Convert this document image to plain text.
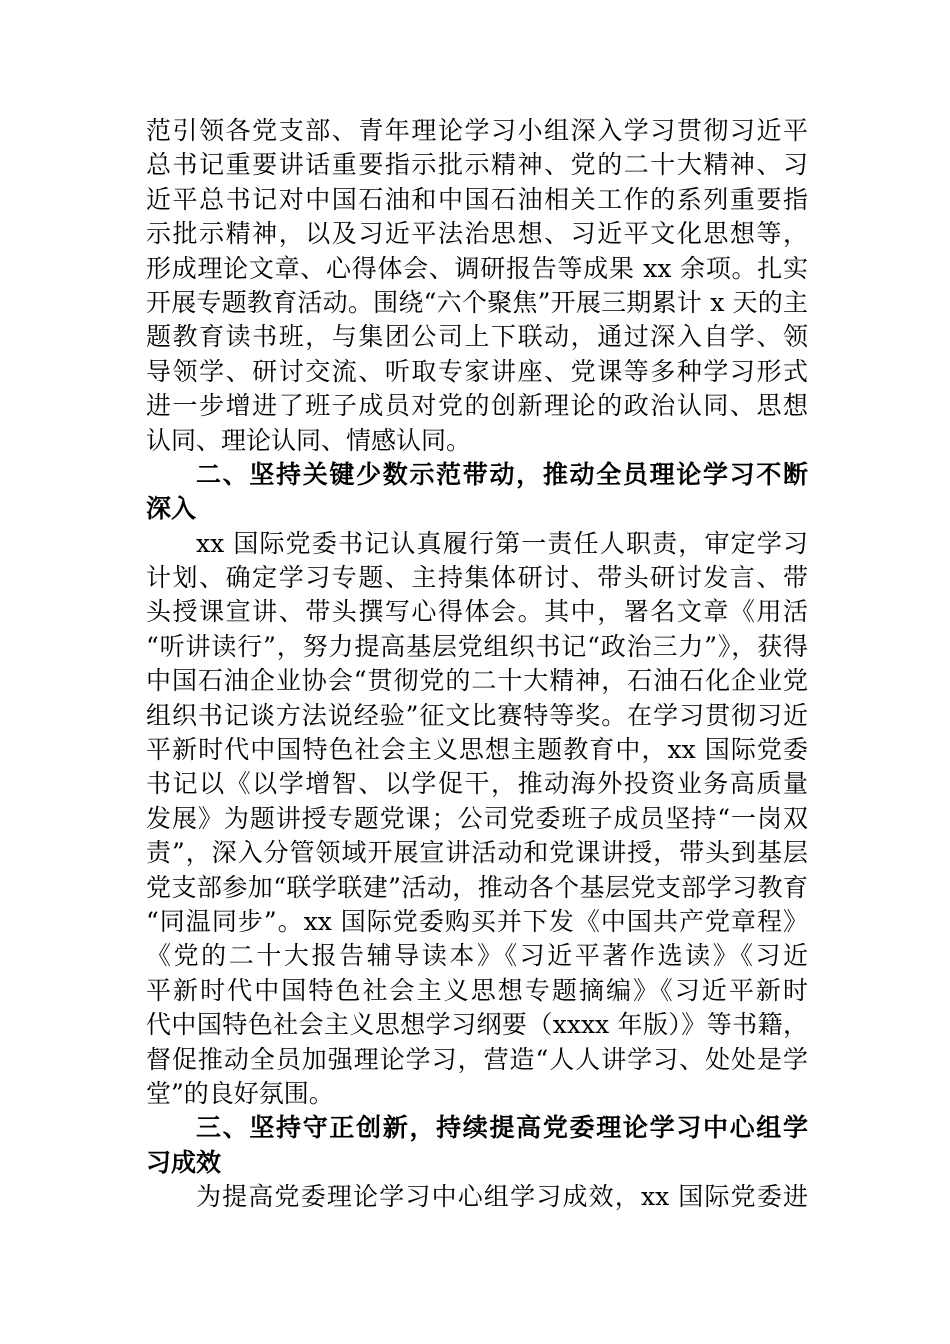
范引领各党支部、青年理论学习小组深入学习贯彻习近平
总书记重要讲话重要指示批示精神、党的二十大精神、习
近平总书记对中国石油和中国石油相关工作的系列重要指
示批示精神，以及习近平法治思想、习近平文化思想等，
形成理论文章、心得体会、调研报告等成果 xx 余项。扎实
开展专题教育活动。围绕“六个聚焦”开展三期累计 x 天的主
题教育读书班，与集团公司上下联动，通过深入自学、领
导领学、研讨交流、听取专家讲座、党课等多种学习形式
进一步增进了班子成员对党的创新理论的政治认同、思想
认同、理论认同、情感认同。
二、坚持关键少数示范带动，推动全员理论学习不断
深入
xx 国际党委书记认真履行第一责任人职责，审定学习
计划、确定学习专题、主持集体研讨、带头研讨发言、带
头授课宣讲、带头撰写心得体会。其中，署名文章《用活
“听讲读行”，努力提高基层党组织书记“政治三力”》，获得
中国石油企业协会“贯彻党的二十大精神，石油石化企业党
组织书记谈方法说经验”征文比赛特等奖。在学习贯彻习近
平新时代中国特色社会主义思想主题教育中，xx 国际党委
书记以《以学增智、以学促干，推动海外投资业务高质量
发展》为题讲授专题党课；公司党委班子成员坚持“一岗双
责”，深入分管领域开展宣讲活动和党课讲授，带头到基层
党支部参加“联学联建”活动，推动各个基层党支部学习教育
“同温同步”。xx 国际党委购买并下发《中国共产党章程》
《党的二十大报告辅导读本》《习近平著作选读》《习近
平新时代中国特色社会主义思想专题摘编》《习近平新时
代中国特色社会主义思想学习纲要（xxxx 年版）》等书籍，
督促推动全员加强理论学习，营造“人人讲学习、处处是学
堂”的良好氛围。
三、坚持守正创新，持续提高党委理论学习中心组学
习成效
为提高党委理论学习中心组学习成效，xx 国际党委进
